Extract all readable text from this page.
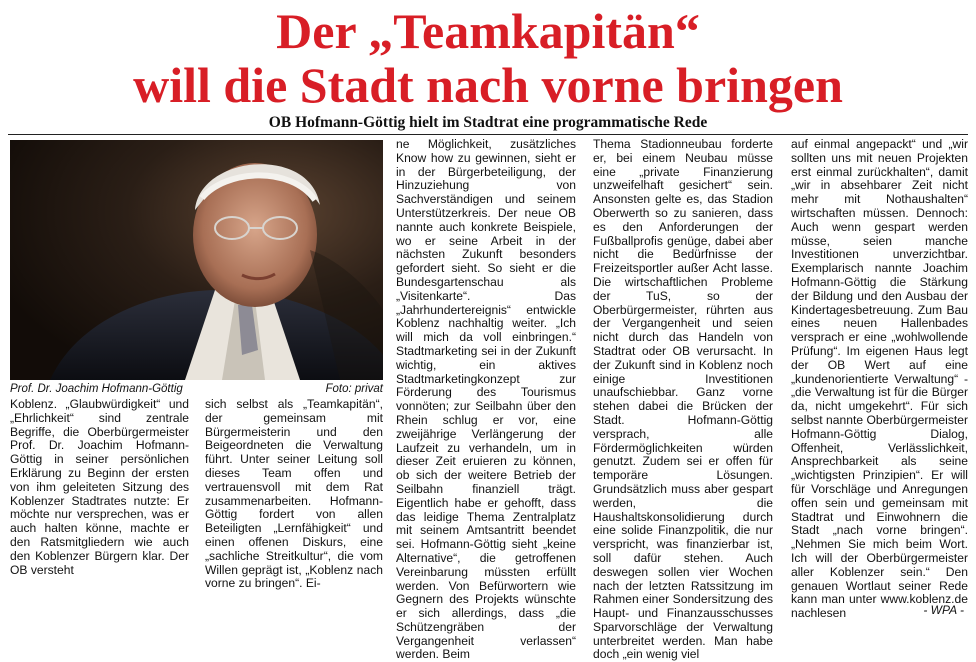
Der „Teamkapitän“
will die Stadt nach vorne bringen
OB Hofmann-Göttig hielt im Stadtrat eine programmatische Rede
Prof. Dr. Joachim Hofmann-Göttig	Foto: privat

Koblenz. „Glaubwürdigkeit“ und „Ehrlichkeit“ sind zentrale Begriffe, die Oberbürgermeister Prof. Dr. Joachim Hofmann-Göttig in seiner persönlichen Erklärung zu Beginn der ersten von ihm geleiteten Sitzung des Koblenzer Stadtrates nutzte: Er möchte nur versprechen, was er auch halten könne, machte er den Ratsmitgliedern wie auch den Koblenzer Bürgern klar. Der OB versteht

sich selbst als „Teamkapitän“, der gemeinsam mit Bürgermeisterin und den Beigeordneten die Verwaltung führt. Unter seiner Leitung soll dieses Team offen und vertrauensvoll mit dem Rat zusammenarbeiten. Hofmann-Göttig fordert von allen Beteiligten „Lernfähigkeit“ und einen offenen Diskurs, eine „sachliche Streitkultur“, die vom Willen geprägt ist, „Koblenz nach vorne zu bringen“. Ei-

ne Möglichkeit, zusätzliches Know how zu gewinnen, sieht er in der Bürgerbeteiligung, der Hinzuziehung von Sachverständigen und seinem Unterstützerkreis. Der neue OB nannte auch konkrete Beispiele, wo er seine Arbeit in der nächsten Zukunft besonders gefordert sieht. So sieht er die Bundesgartenschau als „Visitenkarte“. Das „Jahrhundertereignis“ entwickle Koblenz nachhaltig weiter. „Ich will mich da voll einbringen.“ Stadtmarketing sei in der Zukunft wichtig, ein aktives Stadtmarketingkonzept zur Förderung des Tourismus vonnöten; zur Seilbahn über den Rhein schlug er vor, eine zweijährige Verlängerung der Laufzeit zu verhandeln, um in dieser Zeit eruieren zu können, ob sich der weitere Betrieb der Seilbahn finanziell trägt. Eigentlich habe er gehofft, dass das leidige Thema Zentralplatz mit seinem Amtsantritt beendet sei. Hofmann-Göttig sieht „keine Alternative“, die getroffenen Vereinbarung müssten erfüllt werden. Von Befürwortern wie Gegnern des Projekts wünschte er sich allerdings, dass „die Schützengräben der Vergangenheit verlassen“ werden. Beim

Thema Stadionneubau forderte er, bei einem Neubau müsse eine „private Finanzierung unzweifelhaft gesichert“ sein. Ansonsten gelte es, das Stadion Oberwerth so zu sanieren, dass es den Anforderungen der Fußballprofis genüge, dabei aber nicht die Bedürfnisse der Freizeitsportler außer Acht lasse. Die wirtschaftlichen Probleme der TuS, so der Oberbürgermeister, rührten aus der Vergangenheit und seien nicht durch das Handeln von Stadtrat oder OB verursacht. In der Zukunft sind in Koblenz noch einige Investitionen unaufschiebbar. Ganz vorne stehen dabei die Brücken der Stadt. Hofmann-Göttig versprach, alle Fördermöglichkeiten würden genutzt. Zudem sei er offen für temporäre Lösungen. Grundsätzlich muss aber gespart werden, die Haushaltskonsolidierung durch eine solide Finanzpolitik, die nur verspricht, was finanzierbar ist, soll dafür stehen. Auch deswegen sollen vier Wochen nach der letzten Ratssitzung im Rahmen einer Sondersitzung des Haupt- und Finanzausschusses Sparvorschläge der Verwaltung unterbreitet werden. Man habe doch „ein wenig viel

auf einmal angepackt“ und „wir sollten uns mit neuen Projekten erst einmal zurückhalten“, damit „wir in absehbarer Zeit nicht mehr mit Nothaushalten“ wirtschaften müssen. Dennoch: Auch wenn gespart werden müsse, seien manche Investitionen unverzichtbar. Exemplarisch nannte Joachim Hofmann-Göttig die Stärkung der Bildung und den Ausbau der Kindertagesbetreuung. Zum Bau eines neuen Hallenbades versprach er eine „wohlwollende Prüfung“. Im eigenen Haus legt der OB Wert auf eine „kundenorientierte Verwaltung“ - „die Verwaltung ist für die Bürger da, nicht umgekehrt“. Für sich selbst nannte Oberbürgermeister Hofmann-Göttig Dialog, Offenheit, Verlässlichkeit, Ansprechbarkeit als seine „wichtigsten Prinzipien“. Er will für Vorschläge und Anregungen offen sein und gemeinsam mit Stadtrat und Einwohnern die Stadt „nach vorne bringen“. „Nehmen Sie mich beim Wort. Ich will der Oberbürgermeister aller Koblenzer sein.“ Den genauen Wortlaut seiner Rede kann man unter www.koblenz.de nachlesen	- WPA -
